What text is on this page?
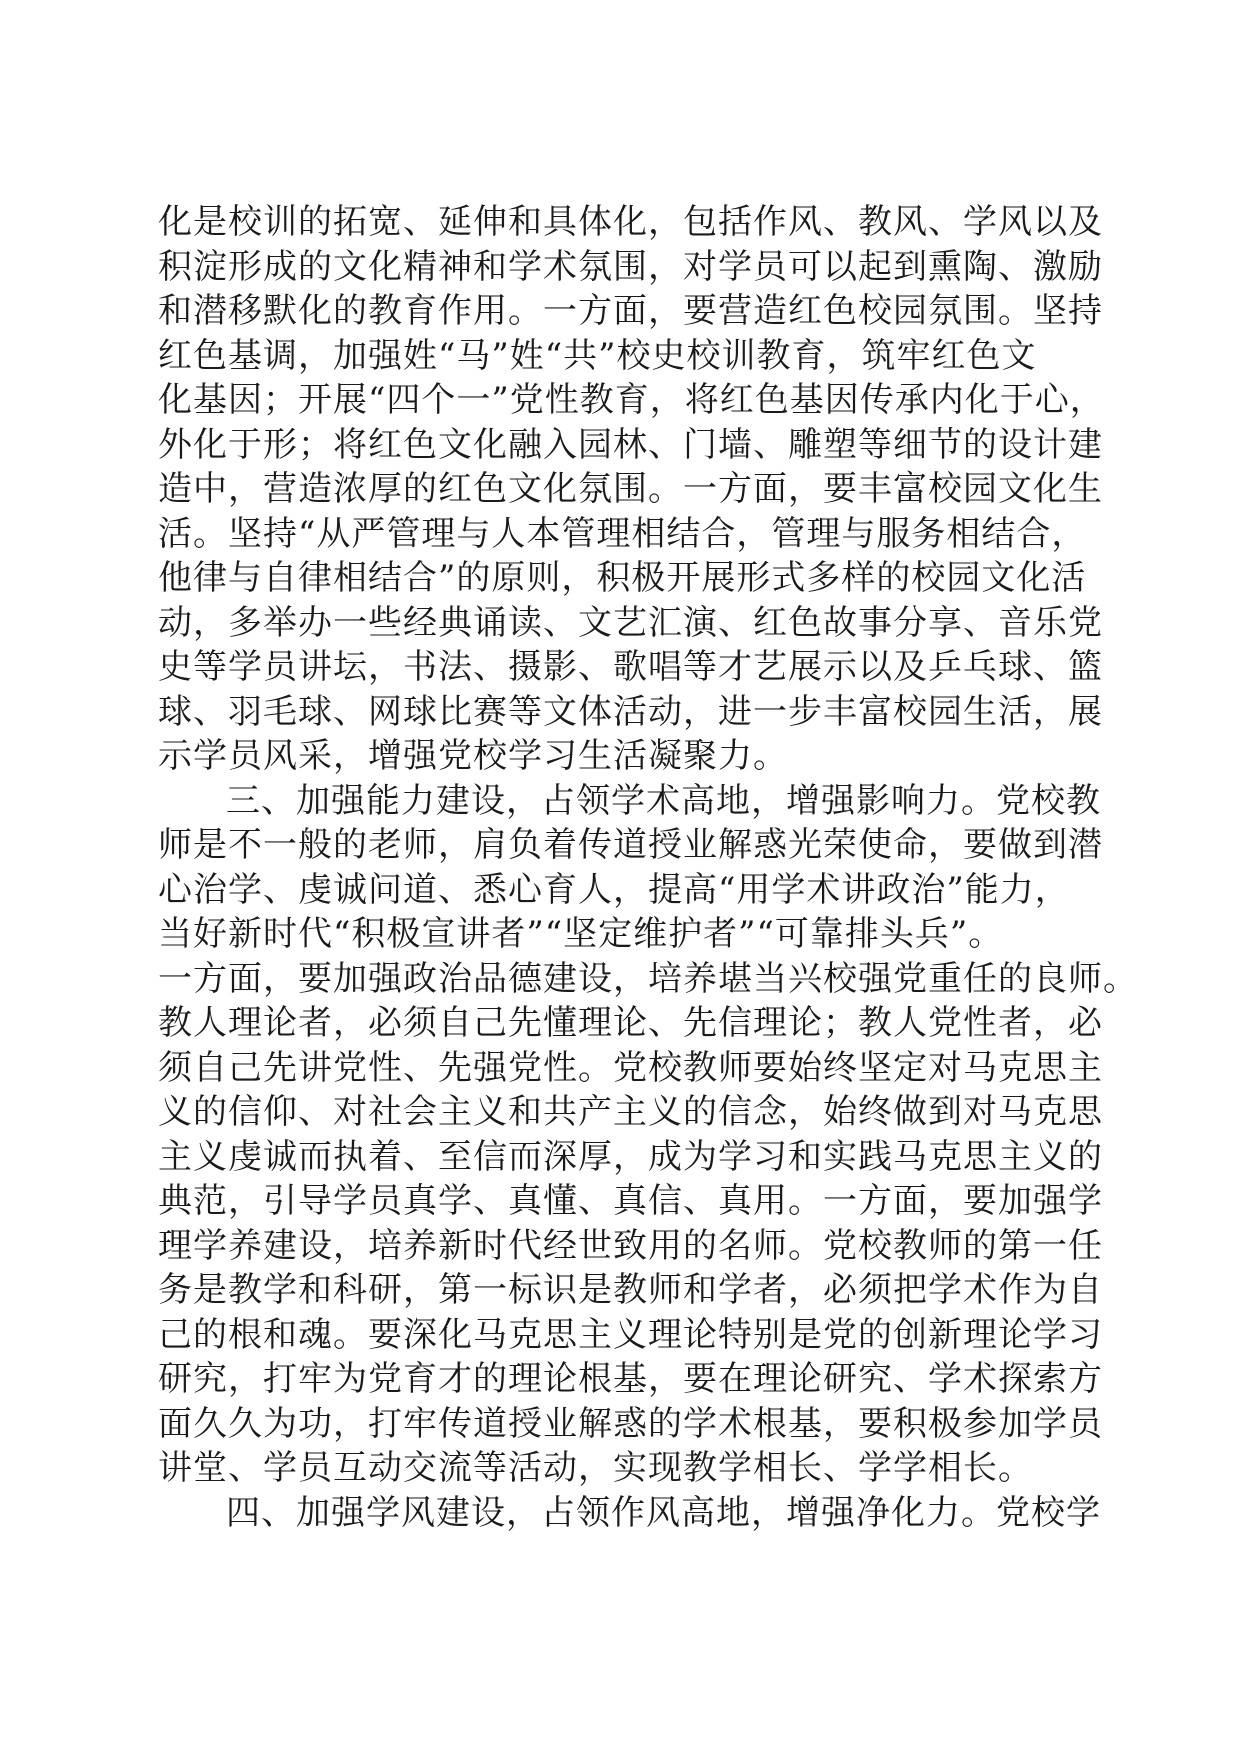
化是校训的拓宽、延伸和具体化，包括作风、教风、学风以及
积淀形成的文化精神和学术氛围，对学员可以起到熏陶、激励
和潜移默化的教育作用。一方面，要营造红色校园氛围。坚持
红色基调，加强姓“马”姓“共”校史校训教育，筑牢红色文
化基因；开展“四个一”党性教育，将红色基因传承内化于心，
外化于形；将红色文化融入园林、门墙、雕塑等细节的设计建
造中，营造浓厚的红色文化氛围。一方面，要丰富校园文化生
活。坚持“从严管理与人本管理相结合，管理与服务相结合，
他律与自律相结合”的原则，积极开展形式多样的校园文化活
动，多举办一些经典诵读、文艺汇演、红色故事分享、音乐党
史等学员讲坛，书法、摄影、歌唱等才艺展示以及乒乓球、篮
球、羽毛球、网球比赛等文体活动，进一步丰富校园生活，展
示学员风采，增强党校学习生活凝聚力。
三、加强能力建设，占领学术高地，增强影响力。党校教
师是不一般的老师，肩负着传道授业解惑光荣使命，要做到潜
心治学、虔诚问道、悉心育人，提高“用学术讲政治”能力，
当好新时代“积极宣讲者”“坚定维护者”“可靠排头兵”。
一方面，要加强政治品德建设，培养堪当兴校强党重任的良师。
教人理论者，必须自己先懂理论、先信理论；教人党性者，必
须自己先讲党性、先强党性。党校教师要始终坚定对马克思主
义的信仰、对社会主义和共产主义的信念，始终做到对马克思
主义虔诚而执着、至信而深厚，成为学习和实践马克思主义的
典范，引导学员真学、真懂、真信、真用。一方面，要加强学
理学养建设，培养新时代经世致用的名师。党校教师的第一任
务是教学和科研，第一标识是教师和学者，必须把学术作为自
己的根和魂。要深化马克思主义理论特别是党的创新理论学习
研究，打牢为党育才的理论根基，要在理论研究、学术探索方
面久久为功，打牢传道授业解惑的学术根基，要积极参加学员
讲堂、学员互动交流等活动，实现教学相长、学学相长。
四、加强学风建设，占领作风高地，增强净化力。党校学
